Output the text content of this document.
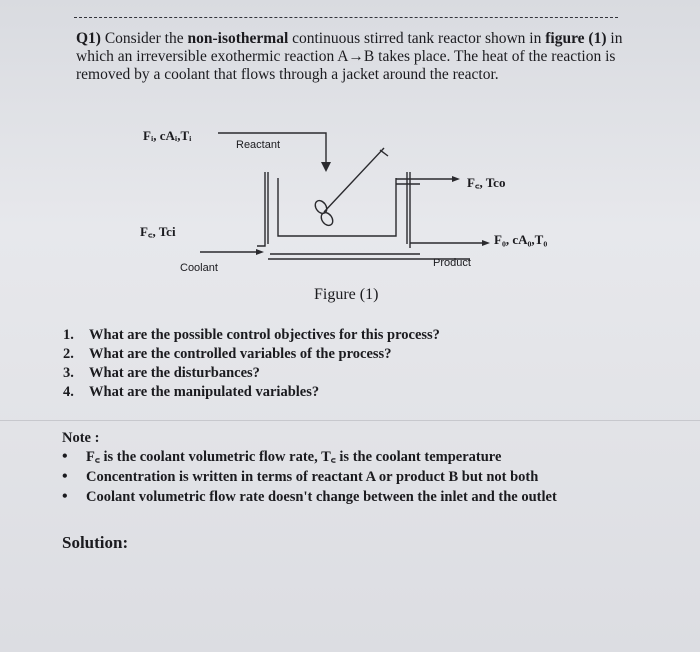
Q1) Consider the non-isothermal continuous stirred tank reactor shown in figure (1) in which an irreversible exothermic reaction A→B takes place. The heat of the reaction is removed by a coolant that flows through a jacket around the reactor.
Fᵢ, cAᵢ,Tᵢ
Reactant
F꜀, Tco
F꜀, Tci
F₀, cA₀,T₀
Coolant	Product
Figure (1)
1.	What are the possible control objectives for this process?
2.	What are the controlled variables of the process?
3.	What are the disturbances?
4.	What are the manipulated variables?
Note :
•	F꜀ is the coolant volumetric flow rate, T꜀ is the coolant temperature
•	Concentration is written in terms of reactant A or product B but not both
•	Coolant volumetric flow rate doesn't change between the inlet and the outlet
Solution:
